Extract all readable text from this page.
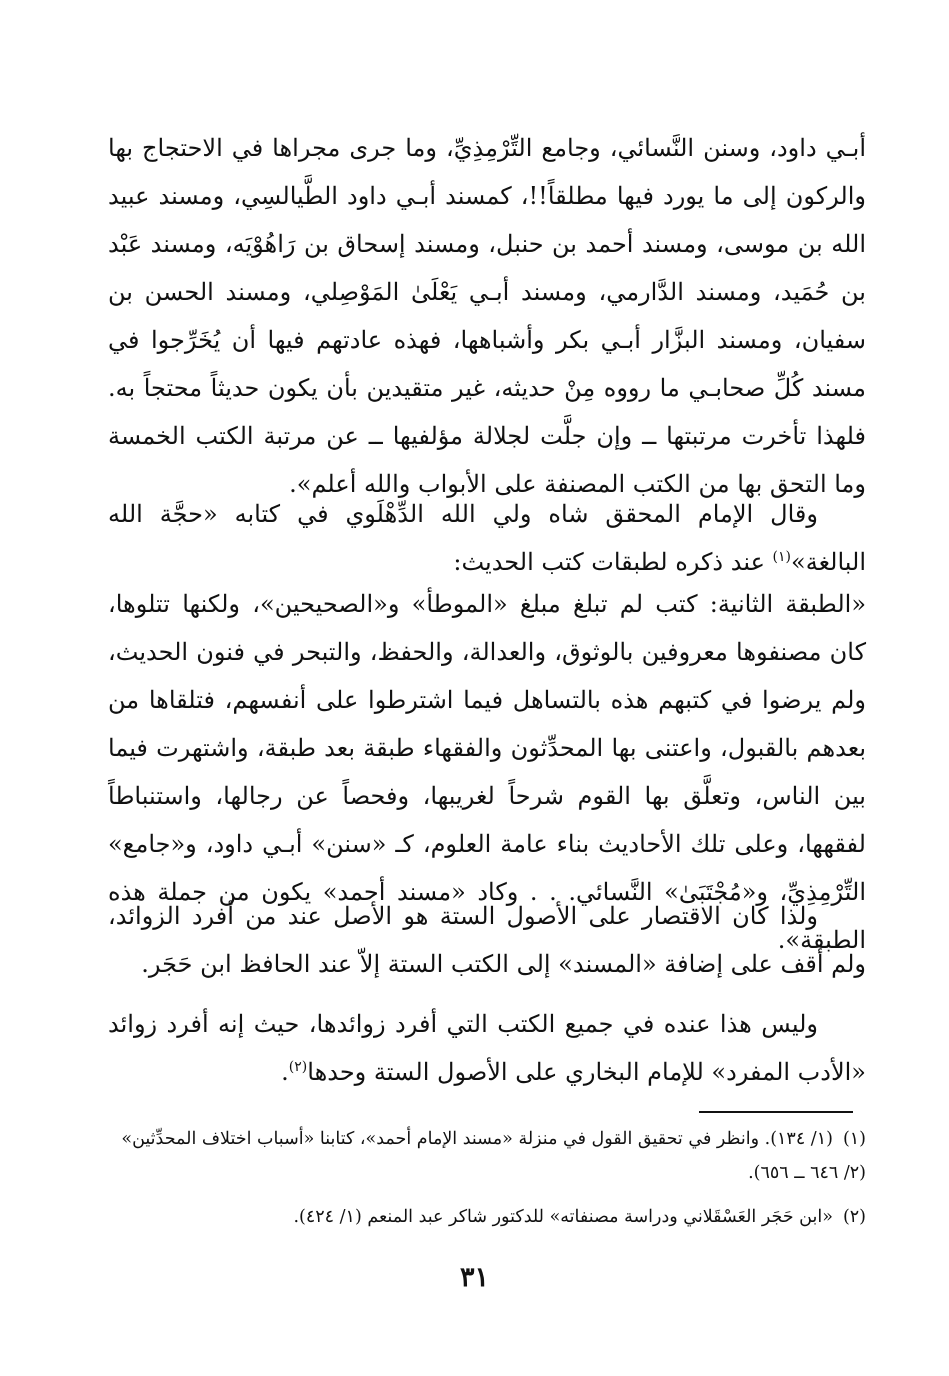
أبـي داود، وسنن النَّسائي، وجامع التِّرْمِذِيِّ، وما جرى مجراها في الاحتجاج بها والركون إلى ما يورد فيها مطلقاً!!، كمسند أبـي داود الطَّيالسِي، ومسند عبيد الله بن موسى، ومسند أحمد بن حنبل، ومسند إسحاق بن رَاهُوْيَه، ومسند عَبْد بن حُمَيد، ومسند الدَّارمي، ومسند أبـي يَعْلَىٰ المَوْصِلي، ومسند الحسن بن سفيان، ومسند البزَّار أبـي بكر وأشباهها، فهذه عادتهم فيها أن يُخَرِّجوا في مسند كُلِّ صحابـي ما رووه مِنْ حديثه، غير متقيدين بأن يكون حديثاً محتجاً به. فلهذا تأخرت مرتبتها ــ وإن جلَّت لجلالة مؤلفيها ــ عن مرتبة الكتب الخمسة وما التحق بها من الكتب المصنفة على الأبواب والله أعلم».

وقال الإمام المحقق شاه ولي الله الدِّهْلَوي في كتابه «حجَّة الله البالغة»$^{(١)}$ عند ذكره لطبقات كتب الحديث:

«الطبقة الثانية: كتب لم تبلغ مبلغ «الموطأ» و«الصحيحين»، ولكنها تتلوها، كان مصنفوها معروفين بالوثوق، والعدالة، والحفظ، والتبحر في فنون الحديث، ولم يرضوا في كتبهم هذه بالتساهل فيما اشترطوا على أنفسهم، فتلقاها من بعدهم بالقبول، واعتنى بها المحدِّثون والفقهاء طبقة بعد طبقة، واشتهرت فيما بين الناس، وتعلَّق بها القوم شرحاً لغريبها، وفحصاً عن رجالها، واستنباطاً لفقهها، وعلى تلك الأحاديث بناء عامة العلوم، كـ «سنن» أبـي داود، و«جامع» التِّرْمِذِيِّ، و«مُجْتَبَىٰ» النَّسائي. . . وكاد «مسند أحمد» يكون من جملة هذه الطبقة».

ولذا كان الاقتصار على الأصول الستة هو الأصل عند من أفرد الزوائد، ولم أقف على إضافة «المسند» إلى الكتب الستة إلاّ عند الحافظ ابن حَجَر.

وليس هذا عنده في جميع الكتب التي أفرد زوائدها، حيث إنه أفرد زوائد «الأدب المفرد» للإمام البخاري على الأصول الستة وحدها$^{(٢)}$.

(١)(١/ ١٣٤). وانظر في تحقيق القول في منزلة «مسند الإمام أحمد»، كتابنا «أسباب اختلاف المحدِّثين» (٢/ ٦٤٦ ــ ٦٥٦).

(٢)«ابن حَجَر العَسْقَلاني ودراسة مصنفاته» للدكتور شاكر عبد المنعم (١/ ٤٢٤).

٣١
